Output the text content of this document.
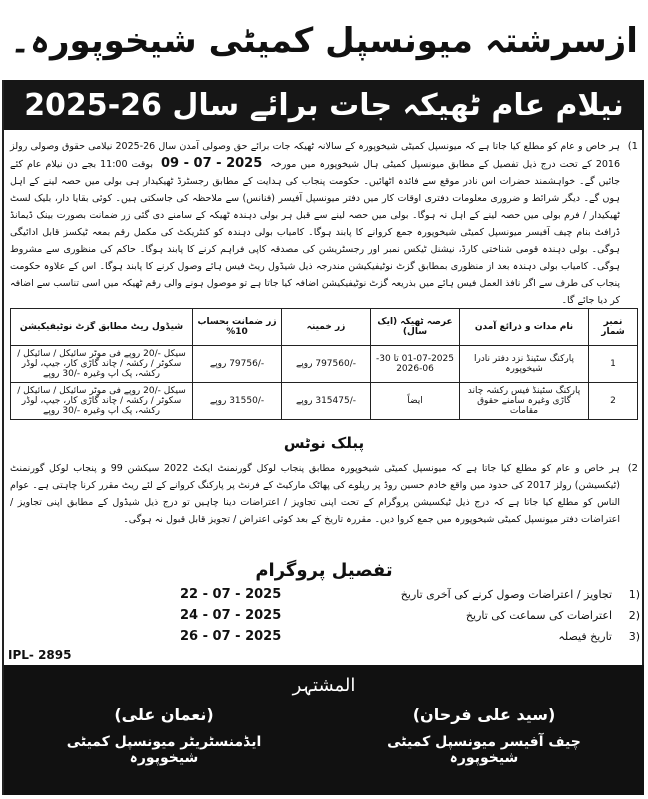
ازسرشتہ میونسپل کمیٹی شیخوپورہ۔
نیلام عام ٹھیکہ جات برائے سال 26-2025
1)
ہر خاص و عام کو مطلع کیا جاتا ہے کہ میونسپل کمیٹی شیخوپورہ کے سالانہ ٹھیکہ جات برائے حق وصولی آمدن سال 26-2025 نیلامی حقوق وصولی رولز 2016 کے تحت درج ذیل تفصیل کے مطابق میونسپل کمیٹی ہال شیخوپورہ میں مورخہ 09 - 07 - 2025 بوقت 11:00 بجے دن نیلام عام کئے جائیں گے۔ خواہشمند حضرات اس نادر موقع سے فائدہ اٹھائیں۔ حکومت پنجاب کی ہدایت کے مطابق رجسٹرڈ ٹھیکیدار ہی بولی میں حصہ لینے کے اہل ہوں گے۔ دیگر شرائط و ضروری معلومات دفتری اوقات کار میں دفتر میونسپل آفیسر (فنانس) سے ملاحظہ کی جاسکتی ہیں۔ کوئی بقایا دار، بلیک لسٹ ٹھیکیدار / فرم بولی میں حصہ لینے کے اہل نہ ہوگا۔ بولی میں حصہ لینے سے قبل ہر بولی دہندہ ٹھیکہ کے سامنے دی گئی زر ضمانت بصورت بینک ڈیمانڈ ڈرافٹ بنام چیف آفیسر میونسپل کمیٹی شیخوپورہ جمع کروانے کا پابند ہوگا۔ کامیاب بولی دہندہ کو کنٹریکٹ کی مکمل رقم بمعہ ٹیکسز قابل ادائیگی ہوگی۔ بولی دہندہ قومی شناختی کارڈ، نیشنل ٹیکس نمبر اور رجسٹریشن کی مصدقہ کاپی فراہم کرنے کا پابند ہوگا۔ حاکم کی منظوری سے مشروط ہوگی۔ کامیاب بولی دہندہ بعد از منظوری بمطابق گزٹ نوٹیفیکیشن مندرجہ ذیل شیڈول ریٹ فیس ہائے وصول کرنے کا پابند ہوگا۔ اس کے علاوہ حکومت پنجاب کی طرف سے اگر نافذ العمل فیس ہائے میں بذریعہ گزٹ نوٹیفیکیشن اضافہ کیا جاتا ہے تو موصول ہونے والی رقم ٹھیکہ میں اسی تناسب سے اضافہ کر دیا جائے گا۔
نمبر شمار	نام مدات و ذرائع آمدن	عرصہ ٹھیکہ (ایک سال)	زر خمینہ	زر ضمانت بحساب 10%	شیڈول ریٹ مطابق گزٹ نوٹیفیکیشن
1	پارکنگ سٹینڈ نزد دفتر نادرا شیخوپورہ	01-07-2025 تا 30-06-2026	-/797560 روپے	-/79756 روپے	سیکل -/20 روپے فی موٹر سائیکل / سائیکل / سکوٹر / رکشہ / چاند گاڑی کار، جیپ، لوڈر رکشہ، پک اپ وغیرہ -/30 روپے
2	پارکنگ سٹینڈ فیس رکشہ چاند گاڑی وغیرہ سامنے حقوق مقامات	ایضاً	-/315475 روپے	-/31550 روپے	سیکل -/20 روپے فی موٹر سائیکل / سائیکل / سکوٹر / رکشہ / چاند گاڑی کار، جیپ، لوڈر رکشہ، پک اپ وغیرہ -/30 روپے
پبلک نوٹس
2)
ہر خاص و عام کو مطلع کیا جاتا ہے کہ میونسپل کمیٹی شیخوپورہ مطابق پنجاب لوکل گورنمنٹ ایکٹ 2022 سیکشن 99 و پنجاب لوکل گورنمنٹ (ٹیکسیشن) رولز 2017 کی حدود میں واقع خادم حسین روڈ پر ریلوے کی پھاٹک مارکیٹ کے فرنٹ پر پارکنگ کروانے کے لئے ریٹ مقرر کرنا چاہتی ہے۔ عوام الناس کو مطلع کیا جاتا ہے کہ درج ذیل ٹیکسیشن پروگرام کے تحت اپنی تجاویز / اعتراضات دینا چاہیں تو درج ذیل شیڈول کے مطابق اپنی تجاویز / اعتراضات دفتر میونسپل کمیٹی شیخوپورہ میں جمع کروا دیں۔ مقررہ تاریخ کے بعد کوئی اعتراض / تجویز قابل قبول نہ ہوگی۔
تفصیل پروگرام
22 - 07 - 2025	تجاویز / اعتراضات وصول کرنے کی آخری تاریخ	1)
24 - 07 - 2025	اعتراضات کی سماعت کی تاریخ	2)
26 - 07 - 2025	تاریخ فیصلہ	3)
IPL- 2895
المشتہر
(نعمان علی)
ایڈمنسٹریٹر میونسپل کمیٹی شیخوپورہ
(سید علی فرحان)
چیف آفیسر میونسپل کمیٹی شیخوپورہ
